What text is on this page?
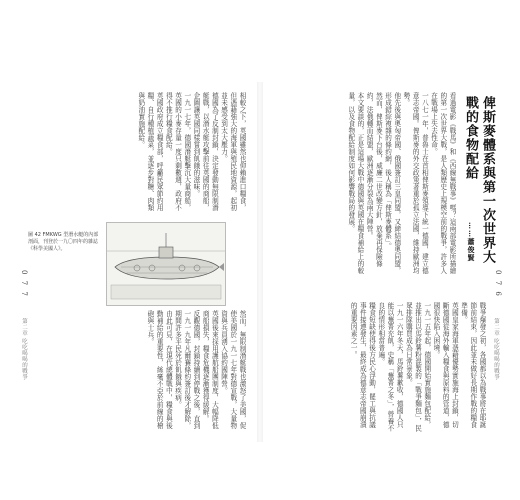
俾斯麥體系與第一次世界大戰的食物配給
……蕭俊賢

看過電影《戰馬》和《西線無戰事》嗎？這兩部電影所描繪的第一次世界大戰，是人類歷史上規模空前的戰爭，許多人在戰場上失去性命。

一八七一年，普魯士在首相俾斯麥領導下統一德國，建立德意志帝國。俾斯麥的外交政策著重於孤立法國，維持歐洲均勢。

他先後與奧匈帝國、俄國簽訂三皇同盟，又締結德奧同盟，形成錯綜複雜的條約網，後人稱為「俾斯麥體系」。

然而，俾斯麥下台後，威廉二世改變方針，放棄再保險條約，法俄轉而結盟，歐洲逐漸分裂為兩大陣營。

本文要談的，正是這場大戰中德國與英國在糧食補給上的較量，以及食物配給制度如何影響戰局的發展。

0 7 6

戰爭爆發之初，各國都以為戰事將在耶誕節前結束，因此並未做好長期作戰的糧食準備。

英國皇家海軍憑藉優勢實施海上封鎖，切斷德國從海外輸入糧食與原料的管道，德國很快陷入困境。

一九一五年起，德國開始實施麵包配給，並推出以馬鈴薯粉混製的「戰爭麵包」，民眾排隊購買成為日常景象。

一九一六年冬天，馬鈴薯歉收，德國人只能以蕪菁充飢，史稱「蕪菁之冬」，營養不良的情形相當普遍。

糧食短缺使得後方民心浮動，罷工與抗議事件接連發生，最終成為德意志帝國崩潰的重要因素之一。

相較之下，英國雖然也仰賴進口糧食，但憑藉強大的海軍與殖民地資源，起初並未感受到太大壓力。

德國為了反制封鎖，決定發動無限制潛艇戰，以潛水艇攻擊前往英國的商船，企圖讓英國同樣嘗到飢餓的滋味。

一九一七年，德國潛艇擊沉大量商船，英國的小麥存量一度只剩數週，政府不得不推行糧食配給。

英國政府成立糧食部，呼籲民眾節約用糧、自行種植蔬菜，並逐步對糖、肉類與奶油實施配給。

圖 42 FMKWG 型潛水艇的內部剖面，刊登於一九〇四年的雜誌《科學美國人》。
0 7 7
第二章 吃吃喝喝的戰爭	然而，無限制潛艇戰也激怒了美國，促使美國於一九一七年對德宣戰，大量物資與兵員湧入協約國陣營。

英國後來採用護航船團制度，大幅降低商船損失，糧食危機逐漸獲得緩解。

反觀德國，封鎖持續到停戰之後，直到一九一九年凡爾賽條約簽訂後才解除，期間許多平民死於飢餓與疾病。

由此可見，在現代總體戰中，糧食與後勤補給的重要性，絲毫不亞於前線的槍砲與士兵。	第二章 吃吃喝喝的戰爭
